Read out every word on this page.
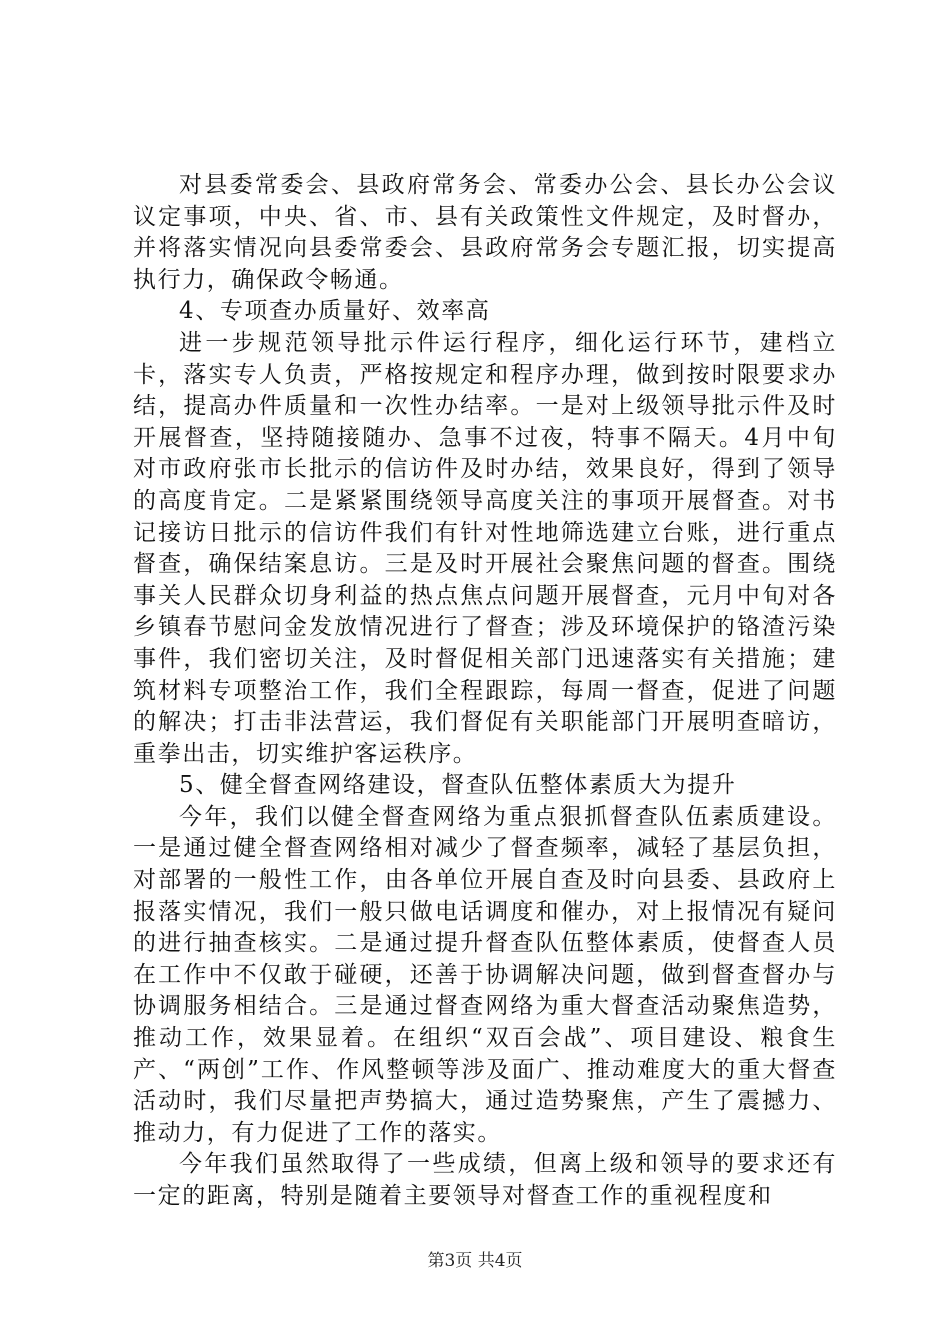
对县委常委会、县政府常务会、常委办公会、县长办公会议议定事项，中央、省、市、县有关政策性文件规定，及时督办，并将落实情况向县委常委会、县政府常务会专题汇报，切实提高执行力，确保政令畅通。

4、专项查办质量好、效率高

进一步规范领导批示件运行程序，细化运行环节，建档立卡，落实专人负责，严格按规定和程序办理，做到按时限要求办结，提高办件质量和一次性办结率。一是对上级领导批示件及时开展督查，坚持随接随办、急事不过夜，特事不隔天。4月中旬对市政府张市长批示的信访件及时办结，效果良好，得到了领导的高度肯定。二是紧紧围绕领导高度关注的事项开展督查。对书记接访日批示的信访件我们有针对性地筛选建立台账，进行重点督查，确保结案息访。三是及时开展社会聚焦问题的督查。围绕事关人民群众切身利益的热点焦点问题开展督查，元月中旬对各乡镇春节慰问金发放情况进行了督查；涉及环境保护的铬渣污染事件，我们密切关注，及时督促相关部门迅速落实有关措施；建筑材料专项整治工作，我们全程跟踪，每周一督查，促进了问题的解决；打击非法营运，我们督促有关职能部门开展明查暗访，重拳出击，切实维护客运秩序。

5、健全督查网络建设，督查队伍整体素质大为提升

今年，我们以健全督查网络为重点狠抓督查队伍素质建设。一是通过健全督查网络相对减少了督查频率，减轻了基层负担，对部署的一般性工作，由各单位开展自查及时向县委、县政府上报落实情况，我们一般只做电话调度和催办，对上报情况有疑问的进行抽查核实。二是通过提升督查队伍整体素质，使督查人员在工作中不仅敢于碰硬，还善于协调解决问题，做到督查督办与协调服务相结合。三是通过督查网络为重大督查活动聚焦造势，推动工作，效果显着。在组织“双百会战”、项目建设、粮食生产、“两创”工作、作风整顿等涉及面广、推动难度大的重大督查活动时，我们尽量把声势搞大，通过造势聚焦，产生了震撼力、推动力，有力促进了工作的落实。

今年我们虽然取得了一些成绩，但离上级和领导的要求还有一定的距离，特别是随着主要领导对督查工作的重视程度和

第3页 共4页
